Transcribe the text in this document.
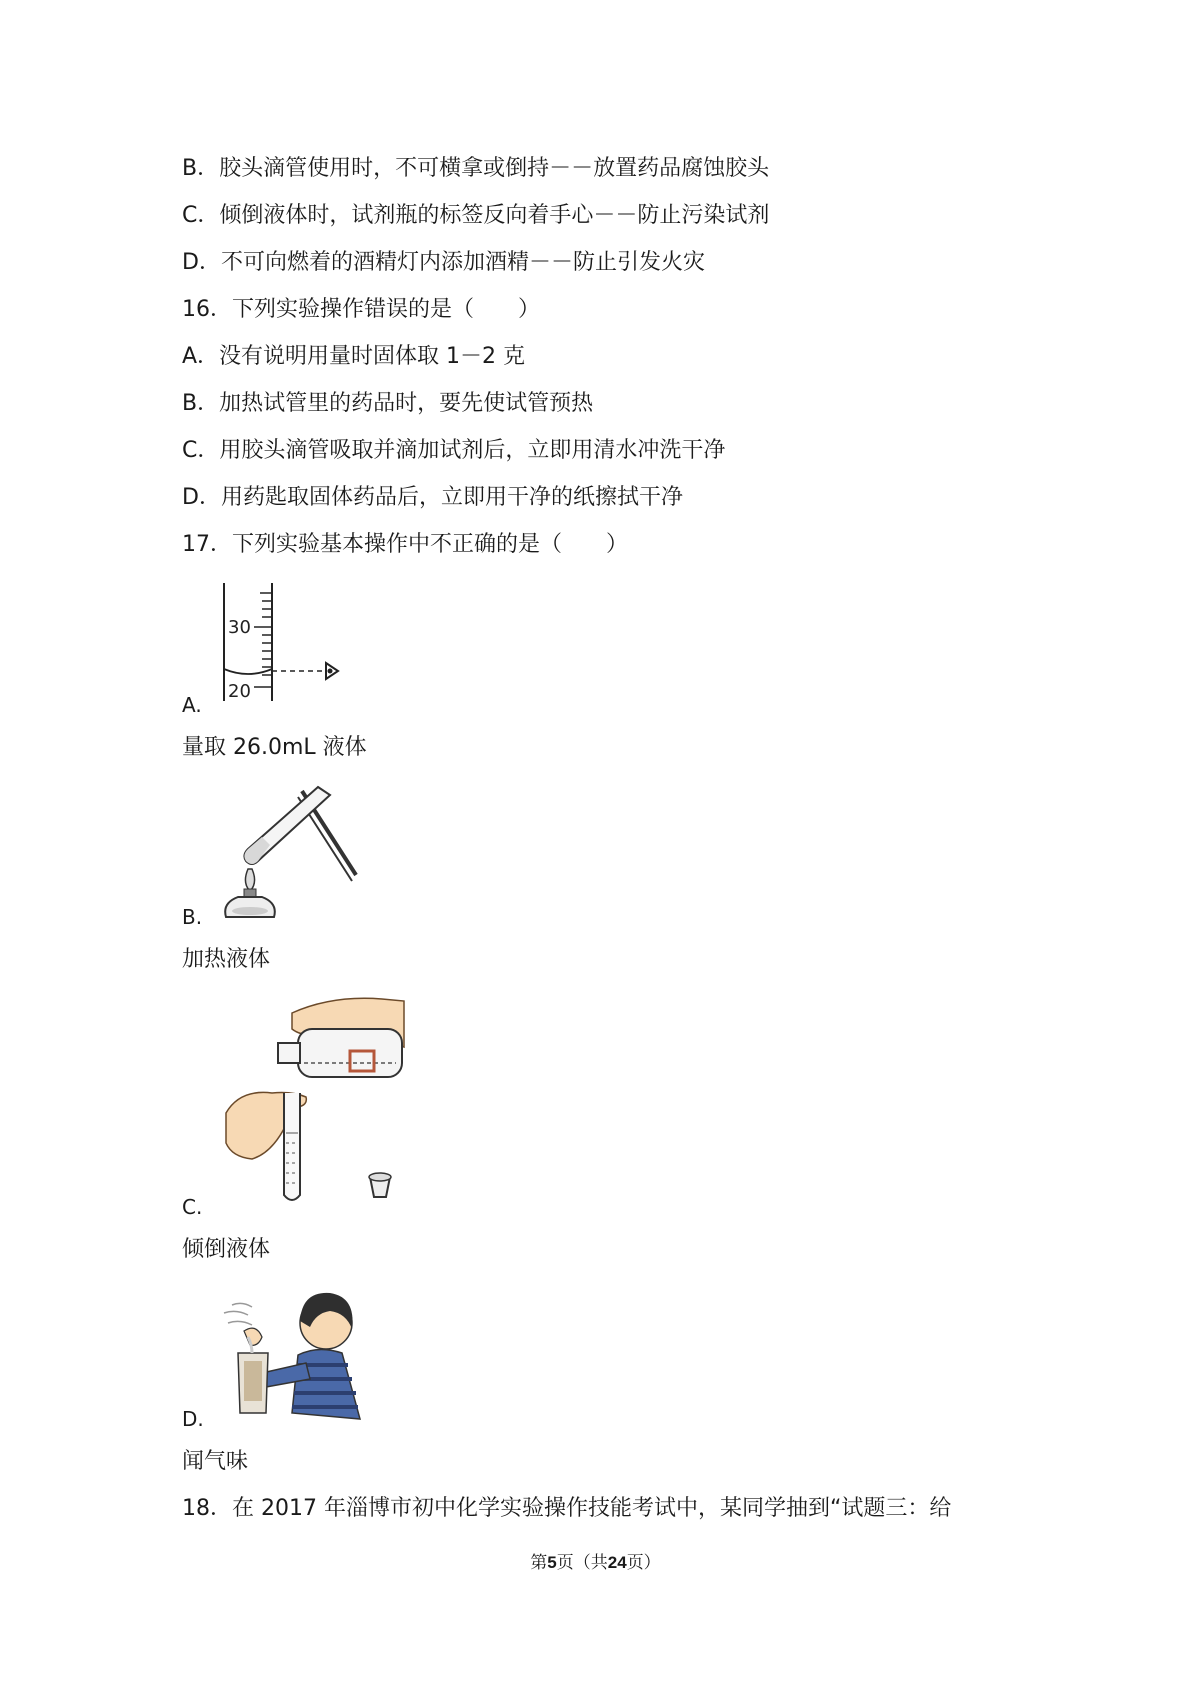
B．胶头滴管使用时，不可横拿或倒持－－放置药品腐蚀胶头
C．倾倒液体时，试剂瓶的标签反向着手心－－防止污染试剂
D．不可向燃着的酒精灯内添加酒精－－防止引发火灾
16．下列实验操作错误的是（　　）
A．没有说明用量时固体取 1－2 克
B．加热试管里的药品时，要先使试管预热
C．用胶头滴管吸取并滴加试剂后，立即用清水冲洗干净
D．用药匙取固体药品后，立即用干净的纸擦拭干净
17．下列实验基本操作中不正确的是（　　）
30
20
A.
量取 26.0mL 液体
B.
加热液体
C.
倾倒液体
D.
闻气味
18．在 2017 年淄博市初中化学实验操作技能考试中，某同学抽到“试题三：给
第5页（共24页）
